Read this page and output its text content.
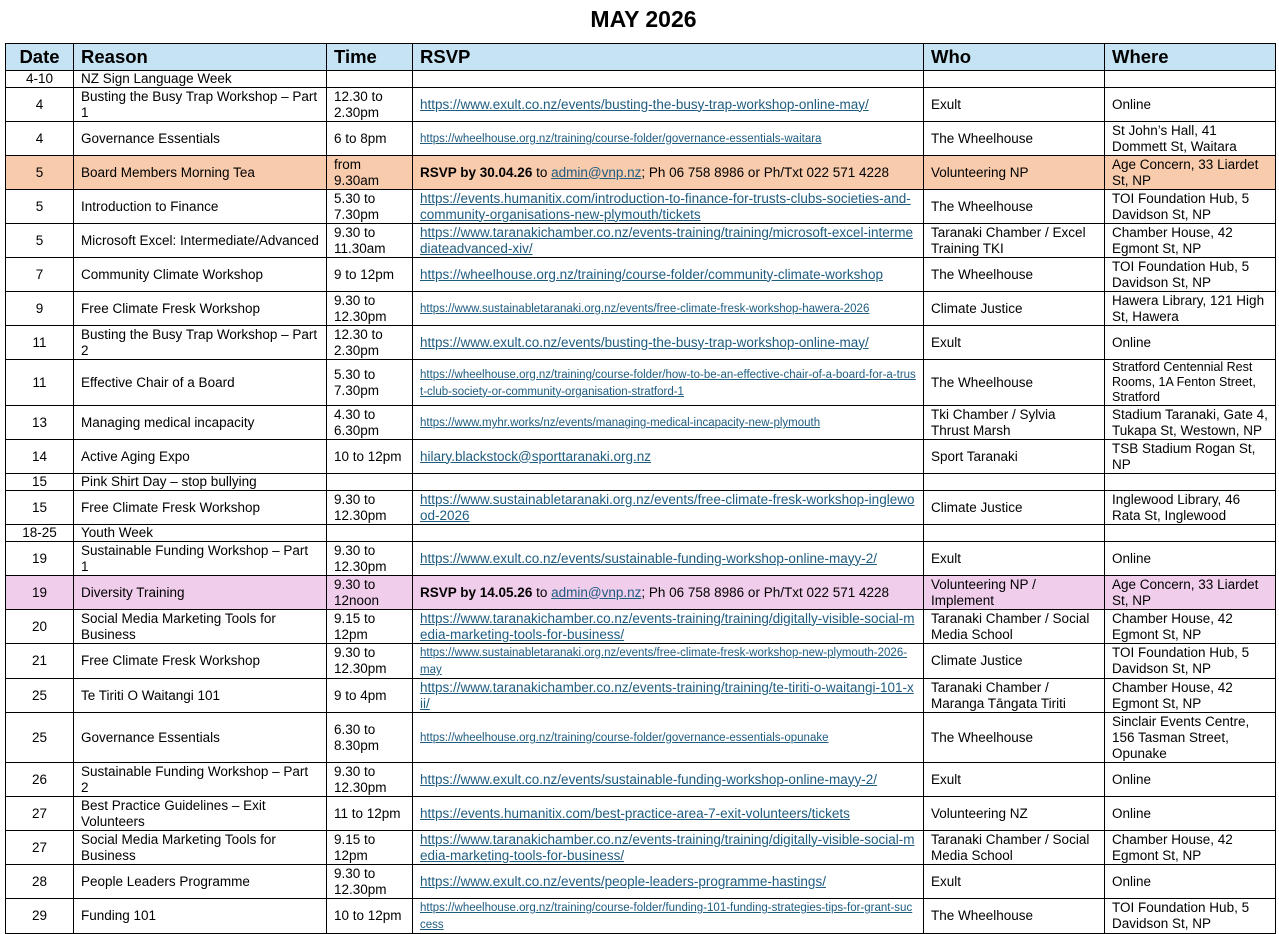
MAY 2026
Date	Reason	Time	RSVP	Who	Where
4-10	NZ Sign Language Week				
4	Busting the Busy Trap Workshop – Part 1	12.30 to 2.30pm	https://www.exult.co.nz/events/busting-the-busy-trap-workshop-online-may/	Exult	Online
4	Governance Essentials	6 to 8pm	https://wheelhouse.org.nz/training/course-folder/governance-essentials-waitara	The Wheelhouse	St John’s Hall, 41 Dommett St, Waitara
5	Board Members Morning Tea	from 9.30am	RSVP by 30.04.26 to admin@vnp.nz; Ph 06 758 8986 or Ph/Txt 022 571 4228	Volunteering NP	Age Concern, 33 Liardet St, NP
5	Introduction to Finance	5.30 to 7.30pm	https://events.humanitix.com/introduction-to-finance-for-trusts-clubs-societies-and-community-organisations-new-plymouth/tickets	The Wheelhouse	TOI Foundation Hub, 5 Davidson St, NP
5	Microsoft Excel: Intermediate/Advanced	9.30 to 11.30am	https://www.taranakichamber.co.nz/events-training/training/microsoft-excel-intermediateadvanced-xiv/	Taranaki Chamber / Excel Training TKI	Chamber House, 42 Egmont St, NP
7	Community Climate Workshop	9 to 12pm	https://wheelhouse.org.nz/training/course-folder/community-climate-workshop	The Wheelhouse	TOI Foundation Hub, 5 Davidson St, NP
9	Free Climate Fresk Workshop	9.30 to 12.30pm	https://www.sustainabletaranaki.org.nz/events/free-climate-fresk-workshop-hawera-2026	Climate Justice	Hawera Library, 121 High St, Hawera
11	Busting the Busy Trap Workshop – Part 2	12.30 to 2.30pm	https://www.exult.co.nz/events/busting-the-busy-trap-workshop-online-may/	Exult	Online
11	Effective Chair of a Board	5.30 to 7.30pm	https://wheelhouse.org.nz/training/course-folder/how-to-be-an-effective-chair-of-a-board-for-a-trust-club-society-or-community-organisation-stratford-1	The Wheelhouse	Stratford Centennial Rest Rooms, 1A Fenton Street, Stratford
13	Managing medical incapacity	4.30 to 6.30pm	https://www.myhr.works/nz/events/managing-medical-incapacity-new-plymouth	Tki Chamber / Sylvia Thrust Marsh	Stadium Taranaki, Gate 4, Tukapa St, Westown, NP
14	Active Aging Expo	10 to 12pm	hilary.blackstock@sporttaranaki.org.nz	Sport Taranaki	TSB Stadium Rogan St, NP
15	Pink Shirt Day – stop bullying				
15	Free Climate Fresk Workshop	9.30 to 12.30pm	https://www.sustainabletaranaki.org.nz/events/free-climate-fresk-workshop-inglewood-2026	Climate Justice	Inglewood Library, 46 Rata St, Inglewood
18-25	Youth Week				
19	Sustainable Funding Workshop – Part 1	9.30 to 12.30pm	https://www.exult.co.nz/events/sustainable-funding-workshop-online-mayy-2/	Exult	Online
19	Diversity Training	9.30 to 12noon	RSVP by 14.05.26 to admin@vnp.nz; Ph 06 758 8986 or Ph/Txt 022 571 4228	Volunteering NP / Implement	Age Concern, 33 Liardet St, NP
20	Social Media Marketing Tools for Business	9.15 to 12pm	https://www.taranakichamber.co.nz/events-training/training/digitally-visible-social-media-marketing-tools-for-business/	Taranaki Chamber / Social Media School	Chamber House, 42 Egmont St, NP
21	Free Climate Fresk Workshop	9.30 to 12.30pm	https://www.sustainabletaranaki.org.nz/events/free-climate-fresk-workshop-new-plymouth-2026-may	Climate Justice	TOI Foundation Hub, 5 Davidson St, NP
25	Te Tiriti O Waitangi 101	9 to 4pm	https://www.taranakichamber.co.nz/events-training/training/te-tiriti-o-waitangi-101-xii/	Taranaki Chamber / Maranga Tāngata Tiriti	Chamber House, 42 Egmont St, NP
25	Governance Essentials	6.30 to 8.30pm	https://wheelhouse.org.nz/training/course-folder/governance-essentials-opunake	The Wheelhouse	Sinclair Events Centre, 156 Tasman Street, Opunake
26	Sustainable Funding Workshop – Part 2	9.30 to 12.30pm	https://www.exult.co.nz/events/sustainable-funding-workshop-online-mayy-2/	Exult	Online
27	Best Practice Guidelines – Exit Volunteers	11 to 12pm	https://events.humanitix.com/best-practice-area-7-exit-volunteers/tickets	Volunteering NZ	Online
27	Social Media Marketing Tools for Business	9.15 to 12pm	https://www.taranakichamber.co.nz/events-training/training/digitally-visible-social-media-marketing-tools-for-business/	Taranaki Chamber / Social Media School	Chamber House, 42 Egmont St, NP
28	People Leaders Programme	9.30 to 12.30pm	https://www.exult.co.nz/events/people-leaders-programme-hastings/	Exult	Online
29	Funding 101	10 to 12pm	https://wheelhouse.org.nz/training/course-folder/funding-101-funding-strategies-tips-for-grant-success	The Wheelhouse	TOI Foundation Hub, 5 Davidson St, NP
